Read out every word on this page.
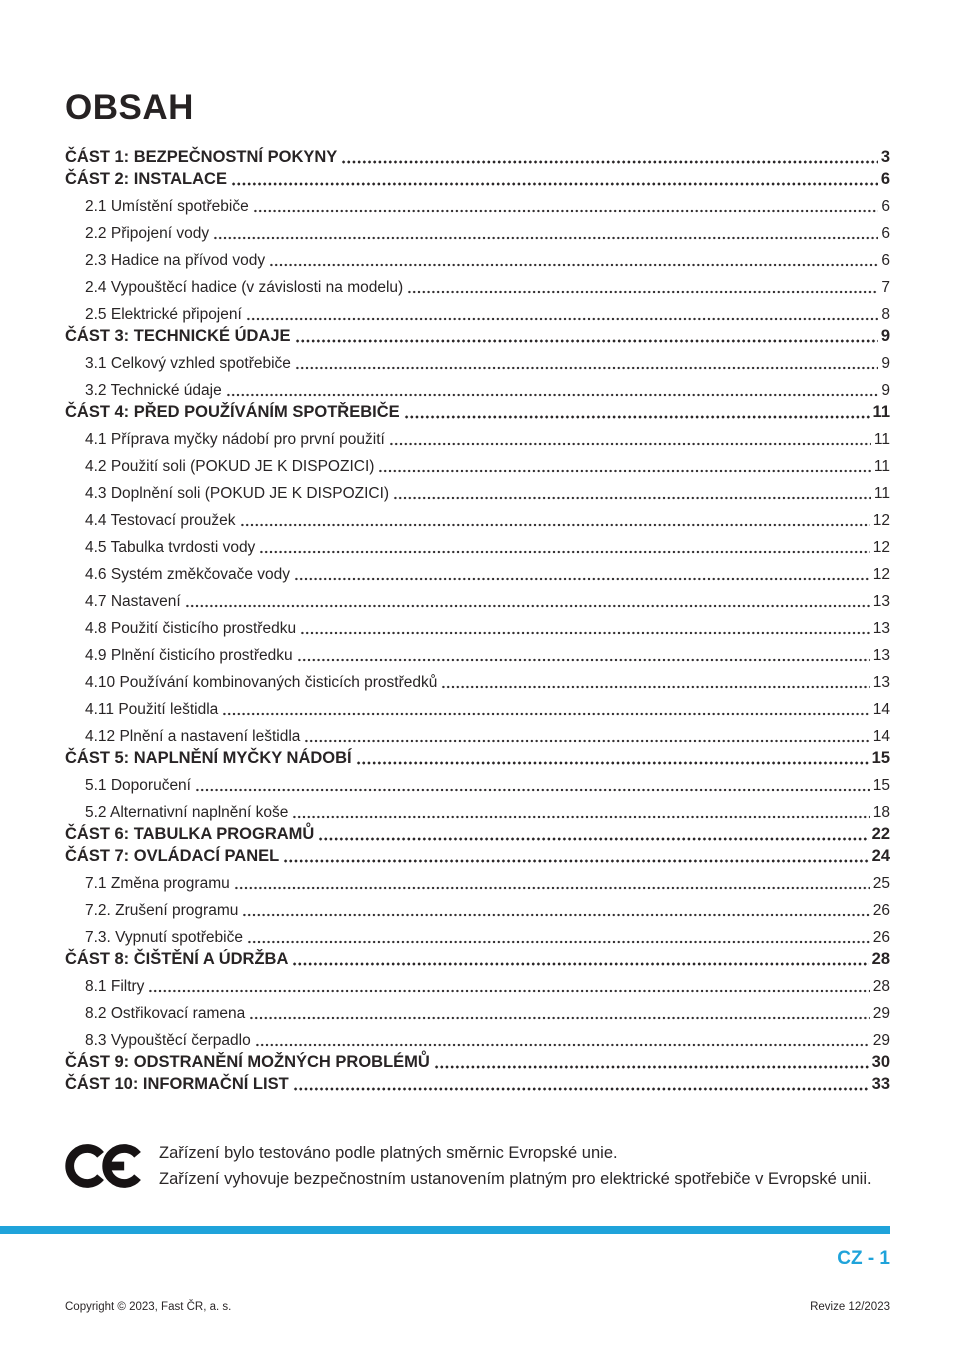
OBSAH
ČÁST 1: BEZPEČNOSTNÍ POKYNY	3
ČÁST 2: INSTALACE	6
2.1 Umístění spotřebiče	6
2.2 Připojení vody	6
2.3 Hadice na přívod vody	6
2.4 Vypouštěcí hadice (v závislosti na modelu)	7
2.5 Elektrické připojení	8
ČÁST 3: TECHNICKÉ ÚDAJE	9
3.1 Celkový vzhled spotřebiče	9
3.2 Technické údaje	9
ČÁST 4: PŘED POUŽÍVÁNÍM SPOTŘEBIČE	11
4.1 Příprava myčky nádobí pro první použití	11
4.2 Použití soli (POKUD JE K DISPOZICI)	11
4.3 Doplnění soli (POKUD JE K DISPOZICI)	11
4.4 Testovací proužek	12
4.5 Tabulka tvrdosti vody	12
4.6 Systém změkčovače vody	12
4.7 Nastavení	13
4.8 Použití čisticího prostředku	13
4.9 Plnění čisticího prostředku	13
4.10 Používání kombinovaných čisticích prostředků	13
4.11 Použití leštidla	14
4.12 Plnění a nastavení leštidla	14
ČÁST 5: NAPLNĚNÍ MYČKY NÁDOBÍ	15
5.1 Doporučení	15
5.2 Alternativní naplnění koše	18
ČÁST 6: TABULKA PROGRAMŮ	22
ČÁST 7: OVLÁDACÍ PANEL	24
7.1 Změna programu	25
7.2. Zrušení programu	26
7.3. Vypnutí spotřebiče	26
ČÁST 8: ČIŠTĚNÍ A ÚDRŽBA	28
8.1 Filtry	28
8.2 Ostřikovací ramena	29
8.3 Vypouštěcí čerpadlo	29
ČÁST 9: ODSTRANĚNÍ MOŽNÝCH PROBLÉMŮ	30
ČÁST 10: INFORMAČNÍ LIST	33

Zařízení bylo testováno podle platných směrnic Evropské unie.

Zařízení vyhovuje bezpečnostním ustanovením platným pro elektrické spotřebiče v Evropské unii.

CZ - 1
Copyright © 2023, Fast ČR, a. s.	Revize 12/2023
